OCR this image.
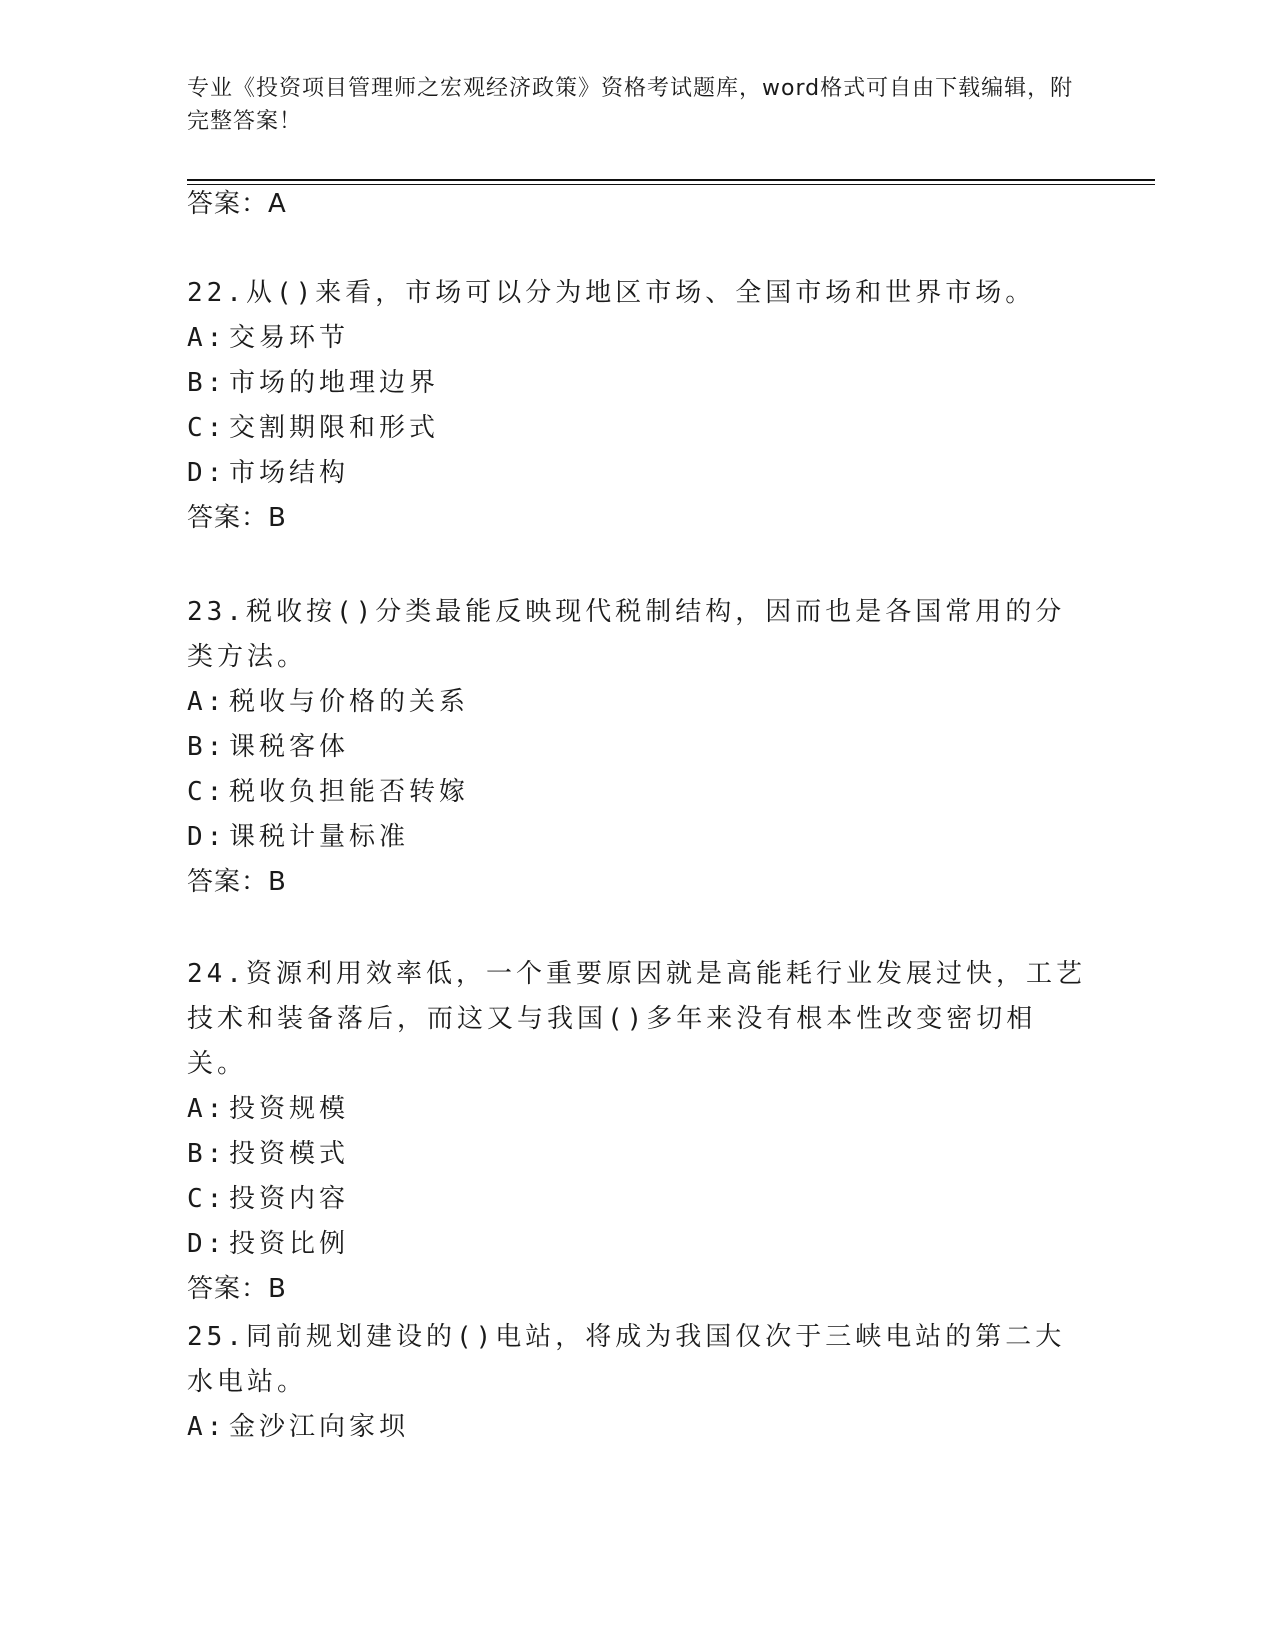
专业《投资项目管理师之宏观经济政策》资格考试题库，word格式可自由下载编辑，附完整答案！
答案：A
22.从()来看，市场可以分为地区市场、全国市场和世界市场。
A: 交易环节
B: 市场的地理边界
C: 交割期限和形式
D: 市场结构
答案：B
23.税收按()分类最能反映现代税制结构，因而也是各国常用的分类方法。
A: 税收与价格的关系
B: 课税客体
C: 税收负担能否转嫁
D: 课税计量标准
答案：B
24.资源利用效率低，一个重要原因就是高能耗行业发展过快，工艺技术和装备落后，而这又与我国()多年来没有根本性改变密切相关。
A: 投资规模
B: 投资模式
C: 投资内容
D: 投资比例
答案：B
25.同前规划建设的()电站，将成为我国仅次于三峡电站的第二大水电站。
A: 金沙江向家坝
